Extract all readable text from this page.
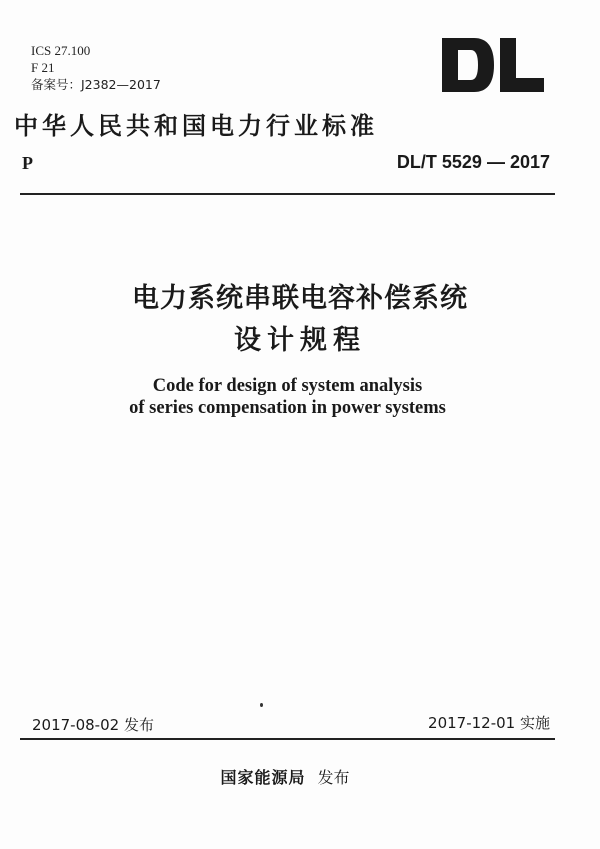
ICS 27.100
F 21
备案号：J2382—2017
中华人民共和国电力行业标准
P	DL/T 5529 — 2017
电力系统串联电容补偿系统
设计规程
Code for design of system analysis
of series compensation in power systems
2017-08-02 发布	2017-12-01 实施
国家能源局 发布
